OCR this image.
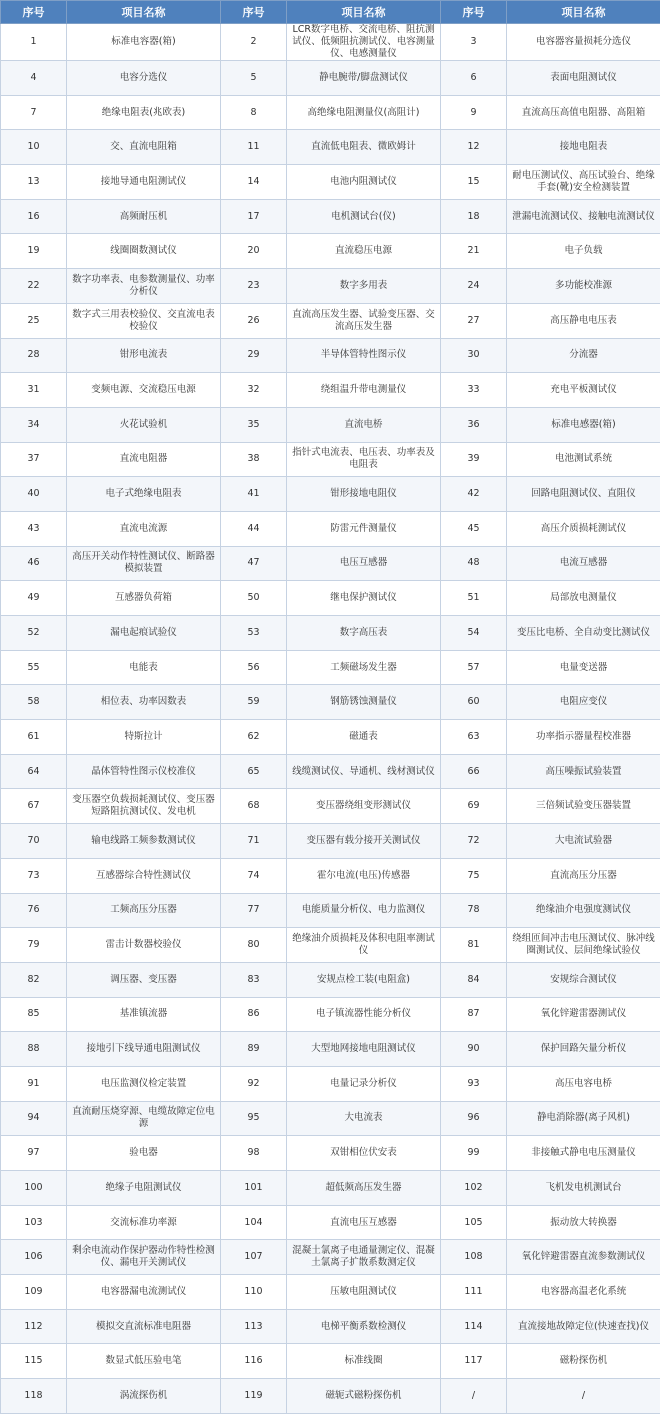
序号	项目名称	序号	项目名称	序号	项目名称
1	标准电容器(箱)	2	LCR数字电桥、交流电桥、阻抗测试仪、低频阻抗测试仪、电容测量仪、电感测量仪	3	电容器容量损耗分选仪
4	电容分选仪	5	静电腕带/脚盘测试仪	6	表面电阻测试仪
7	绝缘电阻表(兆欧表)	8	高绝缘电阻测量仪(高阻计)	9	直流高压高值电阻器、高阻箱
10	交、直流电阻箱	11	直流低电阻表、微欧姆计	12	接地电阻表
13	接地导通电阻测试仪	14	电池内阻测试仪	15	耐电压测试仪、高压试验台、绝缘手套(靴)安全检测装置
16	高频耐压机	17	电机测试台(仪)	18	泄漏电流测试仪、接触电流测试仪
19	线圈圈数测试仪	20	直流稳压电源	21	电子负载
22	数字功率表、电参数测量仪、功率分析仪	23	数字多用表	24	多功能校准源
25	数字式三用表校验仪、交直流电表校验仪	26	直流高压发生器、试验变压器、交流高压发生器	27	高压静电电压表
28	钳形电流表	29	半导体管特性图示仪	30	分流器
31	变频电源、交流稳压电源	32	绕组温升带电测量仪	33	充电平板测试仪
34	火花试验机	35	直流电桥	36	标准电感器(箱)
37	直流电阻器	38	指针式电流表、电压表、功率表及电阻表	39	电池测试系统
40	电子式绝缘电阻表	41	钳形接地电阻仪	42	回路电阻测试仪、直阻仪
43	直流电流源	44	防雷元件测量仪	45	高压介质损耗测试仪
46	高压开关动作特性测试仪、断路器模拟装置	47	电压互感器	48	电流互感器
49	互感器负荷箱	50	继电保护测试仪	51	局部放电测量仪
52	漏电起痕试验仪	53	数字高压表	54	变压比电桥、全自动变比测试仪
55	电能表	56	工频磁场发生器	57	电量变送器
58	相位表、功率因数表	59	钢筋锈蚀测量仪	60	电阻应变仪
61	特斯拉计	62	磁通表	63	功率指示器量程校准器
64	晶体管特性图示仪校准仪	65	线缆测试仪、导通机、线材测试仪	66	高压噪振试验装置
67	变压器空负载损耗测试仪、变压器短路阻抗测试仪、发电机	68	变压器绕组变形测试仪	69	三倍频试验变压器装置
70	输电线路工频参数测试仪	71	变压器有载分接开关测试仪	72	大电流试验器
73	互感器综合特性测试仪	74	霍尔电流(电压)传感器	75	直流高压分压器
76	工频高压分压器	77	电能质量分析仪、电力监测仪	78	绝缘油介电强度测试仪
79	雷击计数器校验仪	80	绝缘油介质损耗及体积电阻率测试仪	81	绕组匝间冲击电压测试仪、脉冲线圈测试仪、层间绝缘试验仪
82	调压器、变压器	83	安规点检工装(电阻盒)	84	安规综合测试仪
85	基准镇流器	86	电子镇流器性能分析仪	87	氧化锌避雷器测试仪
88	接地引下线导通电阻测试仪	89	大型地网接地电阻测试仪	90	保护回路矢量分析仪
91	电压监测仪检定装置	92	电量记录分析仪	93	高压电容电桥
94	直流耐压烧穿源、电缆故障定位电源	95	大电流表	96	静电消除器(离子风机)
97	验电器	98	双钳相位伏安表	99	非接触式静电电压测量仪
100	绝缘子电阻测试仪	101	超低频高压发生器	102	飞机发电机测试台
103	交流标准功率源	104	直流电压互感器	105	振动放大转换器
106	剩余电流动作保护器动作特性检测仪、漏电开关测试仪	107	混凝土氯离子电通量测定仪、混凝土氯离子扩散系数测定仪	108	氧化锌避雷器直流参数测试仪
109	电容器漏电流测试仪	110	压敏电阻测试仪	111	电容器高温老化系统
112	模拟交直流标准电阻器	113	电梯平衡系数检测仪	114	直流接地故障定位(快速查找)仪
115	数显式低压验电笔	116	标准线圈	117	磁粉探伤机
118	涡流探伤机	119	磁轭式磁粉探伤机	/	/
